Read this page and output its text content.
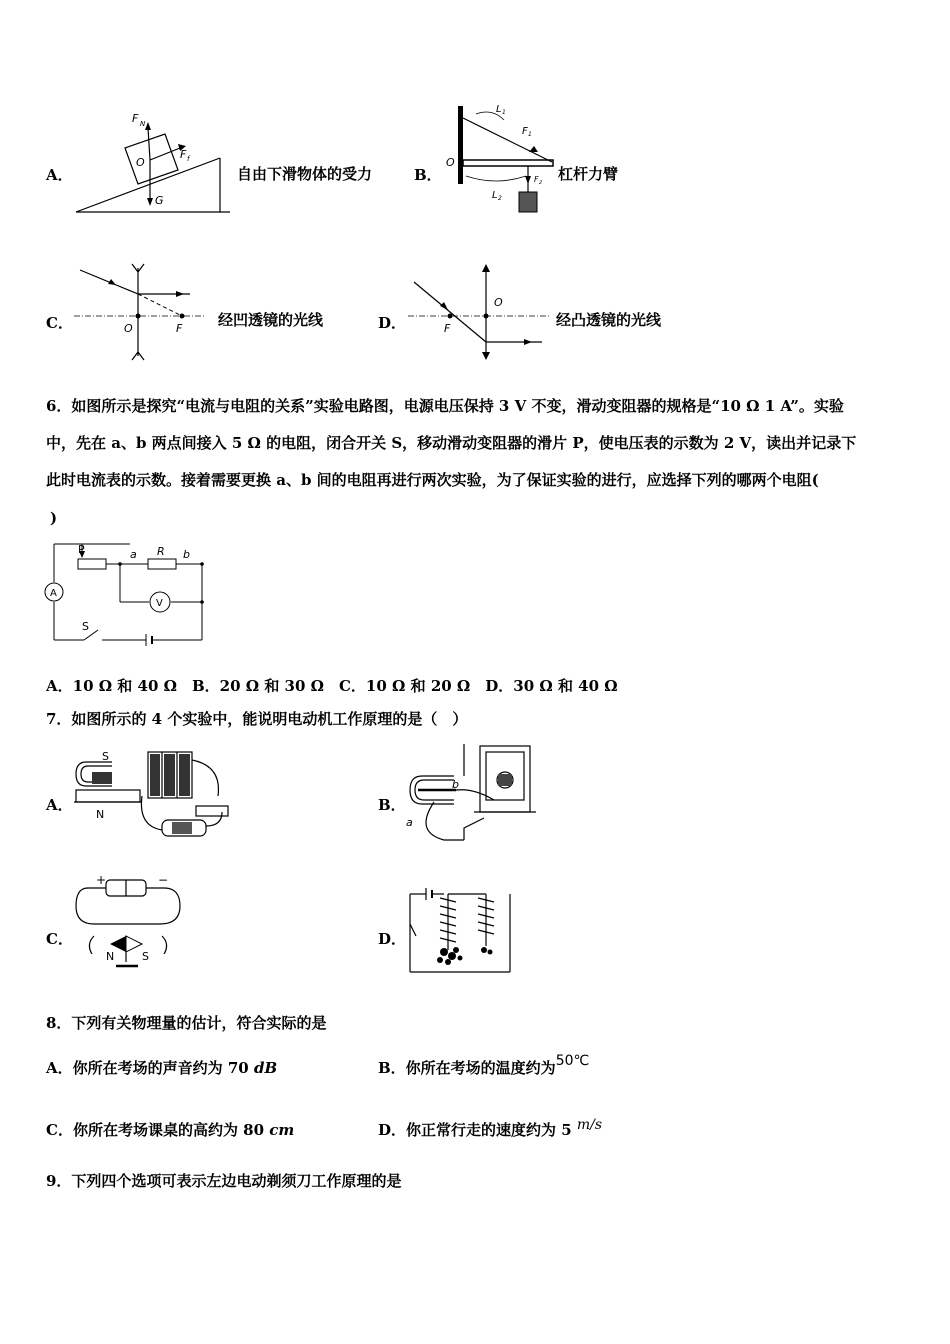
A．
F N
O
F f
G
自由下滑物体的受力	B．
O
L 1
F 1
L 2
F 2 杠杆力臂
C．	O	F 经凹透镜的光线	D．
O
F	经凸透镜的光线
6．如图所示是探究“电流与电阻的关系”实验电路图，电源电压保持 3 V 不变，滑动变阻器的规格是“10 Ω 1 A”。实验
中，先在 a、b 两点间接入 5 Ω 的电阻，闭合开关 S，移动滑动变阻器的滑片 P，使电压表的示数为 2 V，读出并记录下
此时电流表的示数。接着需要更换 a、b 间的电阻再进行两次实验，为了保证实验的进行，应选择下列的哪两个电阻(
)
P	a R b
A
V
S
A．10 Ω 和 40 Ω　B．20 Ω 和 30 Ω　C．10 Ω 和 20 Ω　D．30 Ω 和 40 Ω
7．如图所示的 4 个实验中，能说明电动机工作原理的是（　）
A．
S
N
B．
b
a
C．
+	−
N	S
D．
8．下列有关物理量的估计，符合实际的是
A．你所在考场的声音约为 70 dB	B．你所在考场的温度约为50℃
C．你所在考场课桌的高约为 80 cm	D．你正常行走的速度约为 5 m/s
9．下列四个选项可表示左边电动剃须刀工作原理的是
